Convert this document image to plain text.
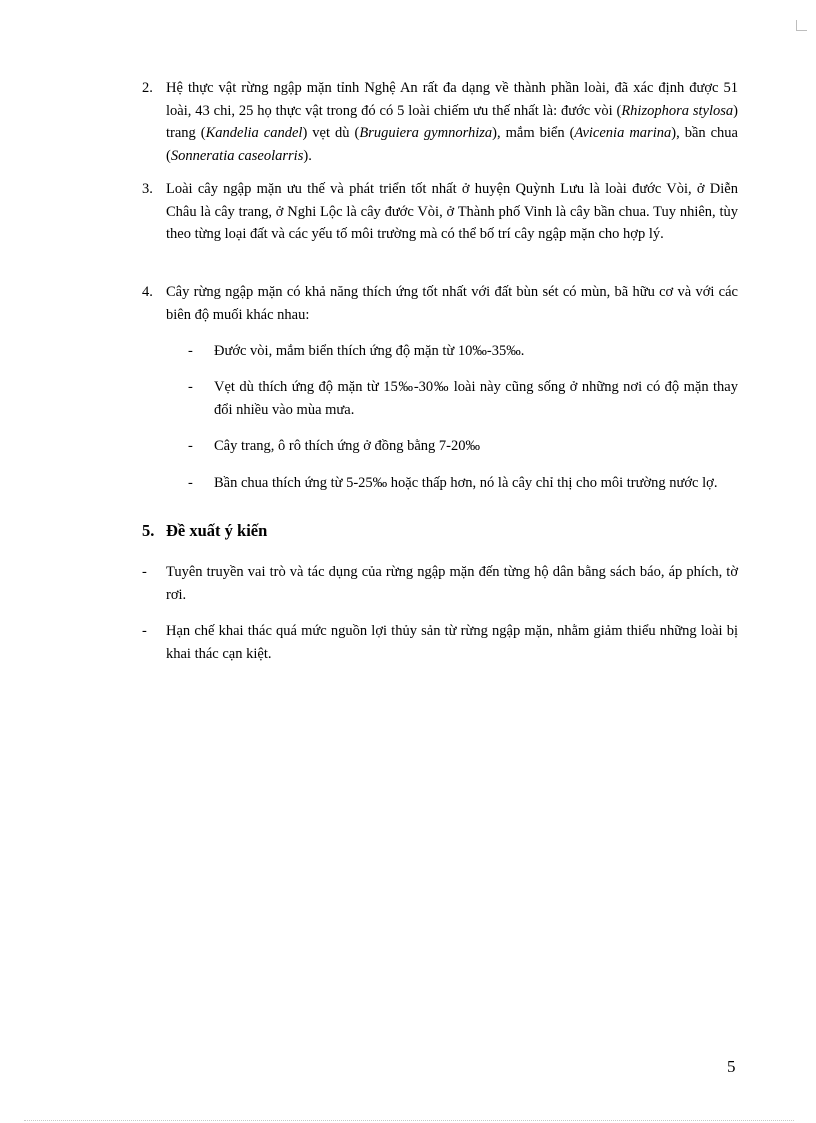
2. Hệ thực vật rừng ngập mặn tỉnh Nghệ An rất đa dạng về thành phần loài, đã xác định được 51 loài, 43 chi, 25 họ thực vật trong đó có 5 loài chiếm ưu thế nhất là: đước vòi (Rhizophora stylosa) trang (Kandelia candel) vẹt dù (Bruguiera gymnorhiza), mắm biển (Avicenia marina), bần chua (Sonneratia caseolarris).
3. Loài cây ngập mặn ưu thế và phát triển tốt nhất ở huyện Quỳnh Lưu là loài đước Vòi, ở Diễn Châu là cây trang, ở Nghi Lộc là cây đước Vòi, ở Thành phố Vinh là cây bần chua. Tuy nhiên, tùy theo từng loại đất và các yếu tố môi trường mà có thể bố trí cây ngập mặn cho hợp lý.
4. Cây rừng ngập mặn có khả năng thích ứng tốt nhất với đất bùn sét có mùn, bã hữu cơ và với các biên độ muối khác nhau:
- Đước vòi, mắm biển thích ứng độ mặn từ 10‰-35‰.
- Vẹt dù thích ứng độ mặn từ 15‰-30‰ loài này cũng sống ở những nơi có độ mặn thay đổi nhiều vào mùa mưa.
- Cây trang, ô rô thích ứng ở đồng bằng 7-20‰
- Bần chua thích ứng từ 5-25‰ hoặc thấp hơn, nó là cây chỉ thị cho môi trường nước lợ.
5. Đề xuất ý kiến
- Tuyên truyền vai trò và tác dụng của rừng ngập mặn đến từng hộ dân bằng sách báo, áp phích, tờ rơi.
- Hạn chế khai thác quá mức nguồn lợi thủy sản từ rừng ngập mặn, nhằm giảm thiểu những loài bị khai thác cạn kiệt.
5
